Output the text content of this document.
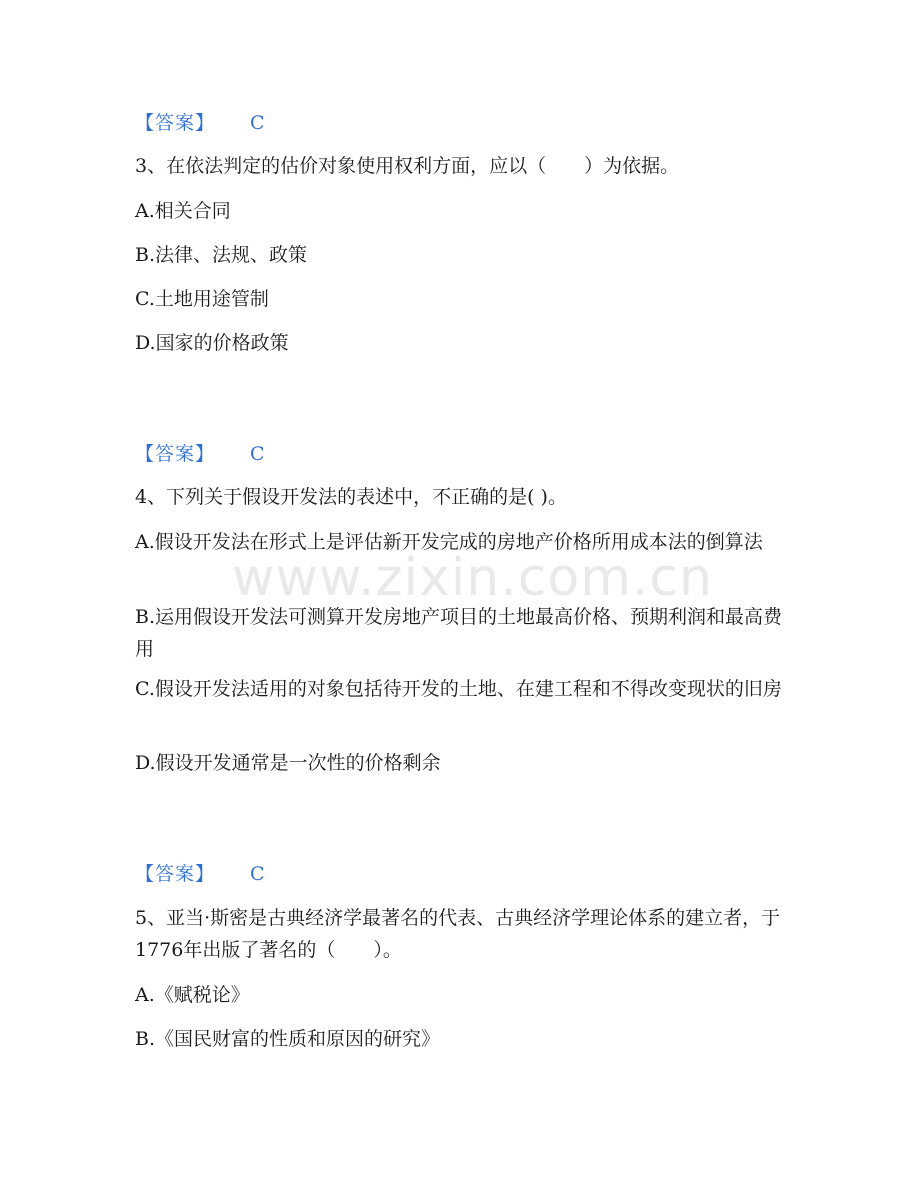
www.zixin.com.cn
【答案】 C
3、在依法判定的估价对象使用权利方面，应以（　　）为依据。
A.相关合同
B.法律、法规、政策
C.土地用途管制
D.国家的价格政策
【答案】 C
4、下列关于假设开发法的表述中，不正确的是( )。
A.假设开发法在形式上是评估新开发完成的房地产价格所用成本法的倒算法
B.运用假设开发法可测算开发房地产项目的土地最高价格、预期利润和最高费用
C.假设开发法适用的对象包括待开发的土地、在建工程和不得改变现状的旧房
D.假设开发通常是一次性的价格剩余
【答案】 C
5、亚当·斯密是古典经济学最著名的代表、古典经济学理论体系的建立者，于1776年出版了著名的（　　）。
A.《赋税论》
B.《国民财富的性质和原因的研究》
